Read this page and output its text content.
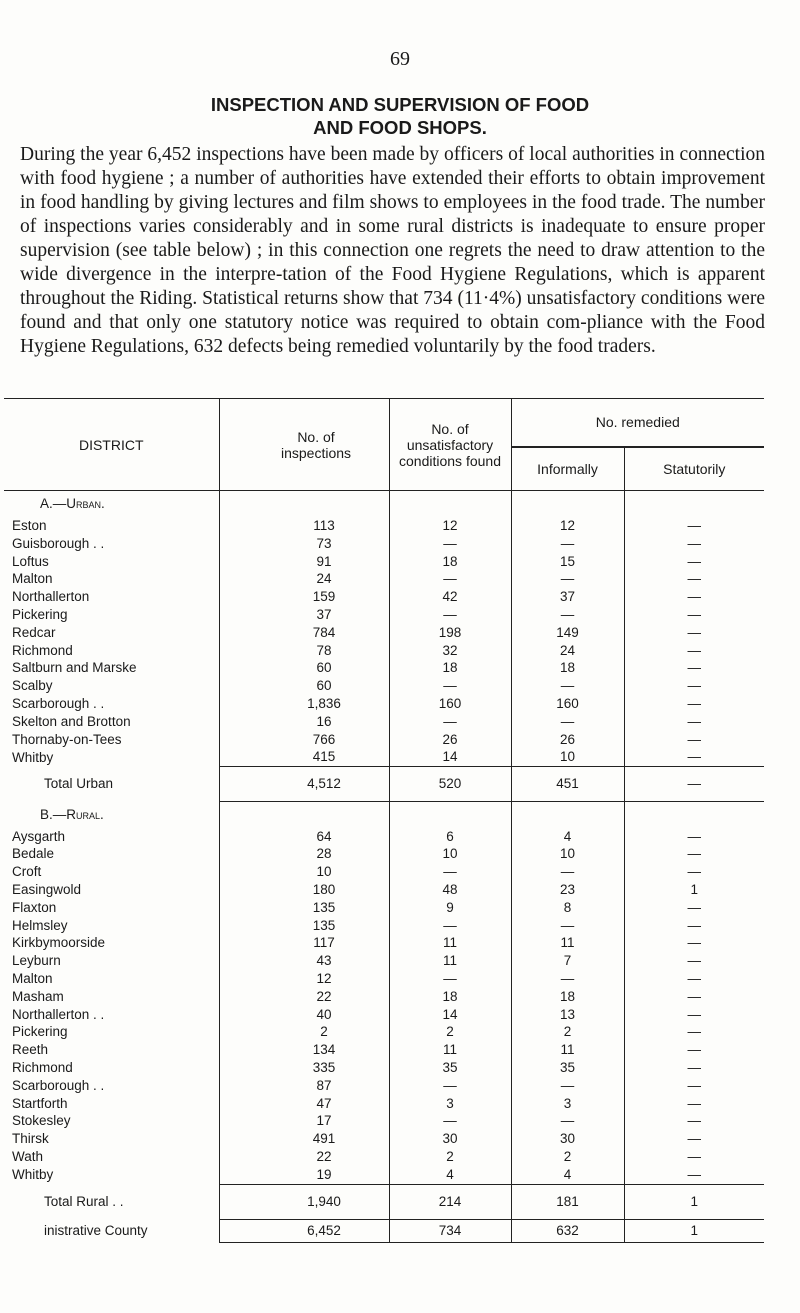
69
INSPECTION AND SUPERVISION OF FOOD
AND FOOD SHOPS.
During the year 6,452 inspections have been made by officers of local authorities in connection with food hygiene ; a number of authorities have extended their efforts to obtain improvement in food handling by giving lectures and film shows to employees in the food trade. The number of inspections varies considerably and in some rural districts is inadequate to ensure proper supervision (see table below) ; in this connection one regrets the need to draw attention to the wide divergence in the interpre-tation of the Food Hygiene Regulations, which is apparent throughout the Riding. Statistical returns show that 734 (11·4%) unsatisfactory conditions were found and that only one statutory notice was required to obtain com-pliance with the Food Hygiene Regulations, 632 defects being remedied voluntarily by the food traders.
DISTRICT	No. of inspections	No. of unsatisfactory conditions found	No. remedied	
			Informally	Statutorily
A.—Urban.				
Eston	113	12	12	—
Guisborough . .	73	—	—	—
Loftus	91	18	15	—
Malton	24	—	—	—
Northallerton	159	42	37	—
Pickering	37	—	—	—
Redcar	784	198	149	—
Richmond	78	32	24	—
Saltburn and Marske	60	18	18	—
Scalby	60	—	—	—
Scarborough . .	1,836	160	160	—
Skelton and Brotton	16	—	—	—
Thornaby-on-Tees	766	26	26	—
Whitby	415	14	10	—
Total Urban	4,512	520	451	—
B.—Rural.				
Aysgarth	64	6	4	—
Bedale	28	10	10	—
Croft	10	—	—	—
Easingwold	180	48	23	1
Flaxton	135	9	8	—
Helmsley	135	—	—	—
Kirkbymoorside	117	11	11	—
Leyburn	43	11	7	—
Malton	12	—	—	—
Masham	22	18	18	—
Northallerton . .	40	14	13	—
Pickering	2	2	2	—
Reeth	134	11	11	—
Richmond	335	35	35	—
Scarborough . .	87	—	—	—
Startforth	47	3	3	—
Stokesley	17	—	—	—
Thirsk	491	30	30	—
Wath	22	2	2	—
Whitby	19	4	4	—
Total Rural . .	1,940	214	181	1
inistrative County	6,452	734	632	1
